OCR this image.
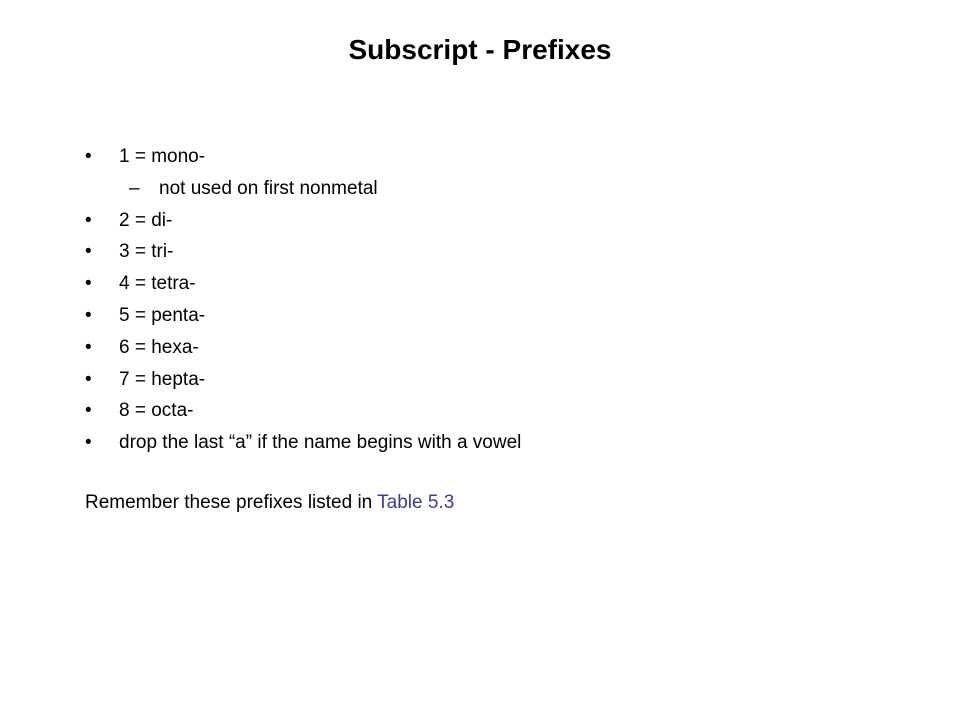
Subscript - Prefixes
• 1 = mono-
– not used on first nonmetal
• 2 = di-
• 3 = tri-
• 4 = tetra-
• 5 = penta-
• 6 = hexa-
• 7 = hepta-
• 8 = octa-
• drop the last “a” if the name begins with a vowel
Remember these prefixes listed in Table 5.3
